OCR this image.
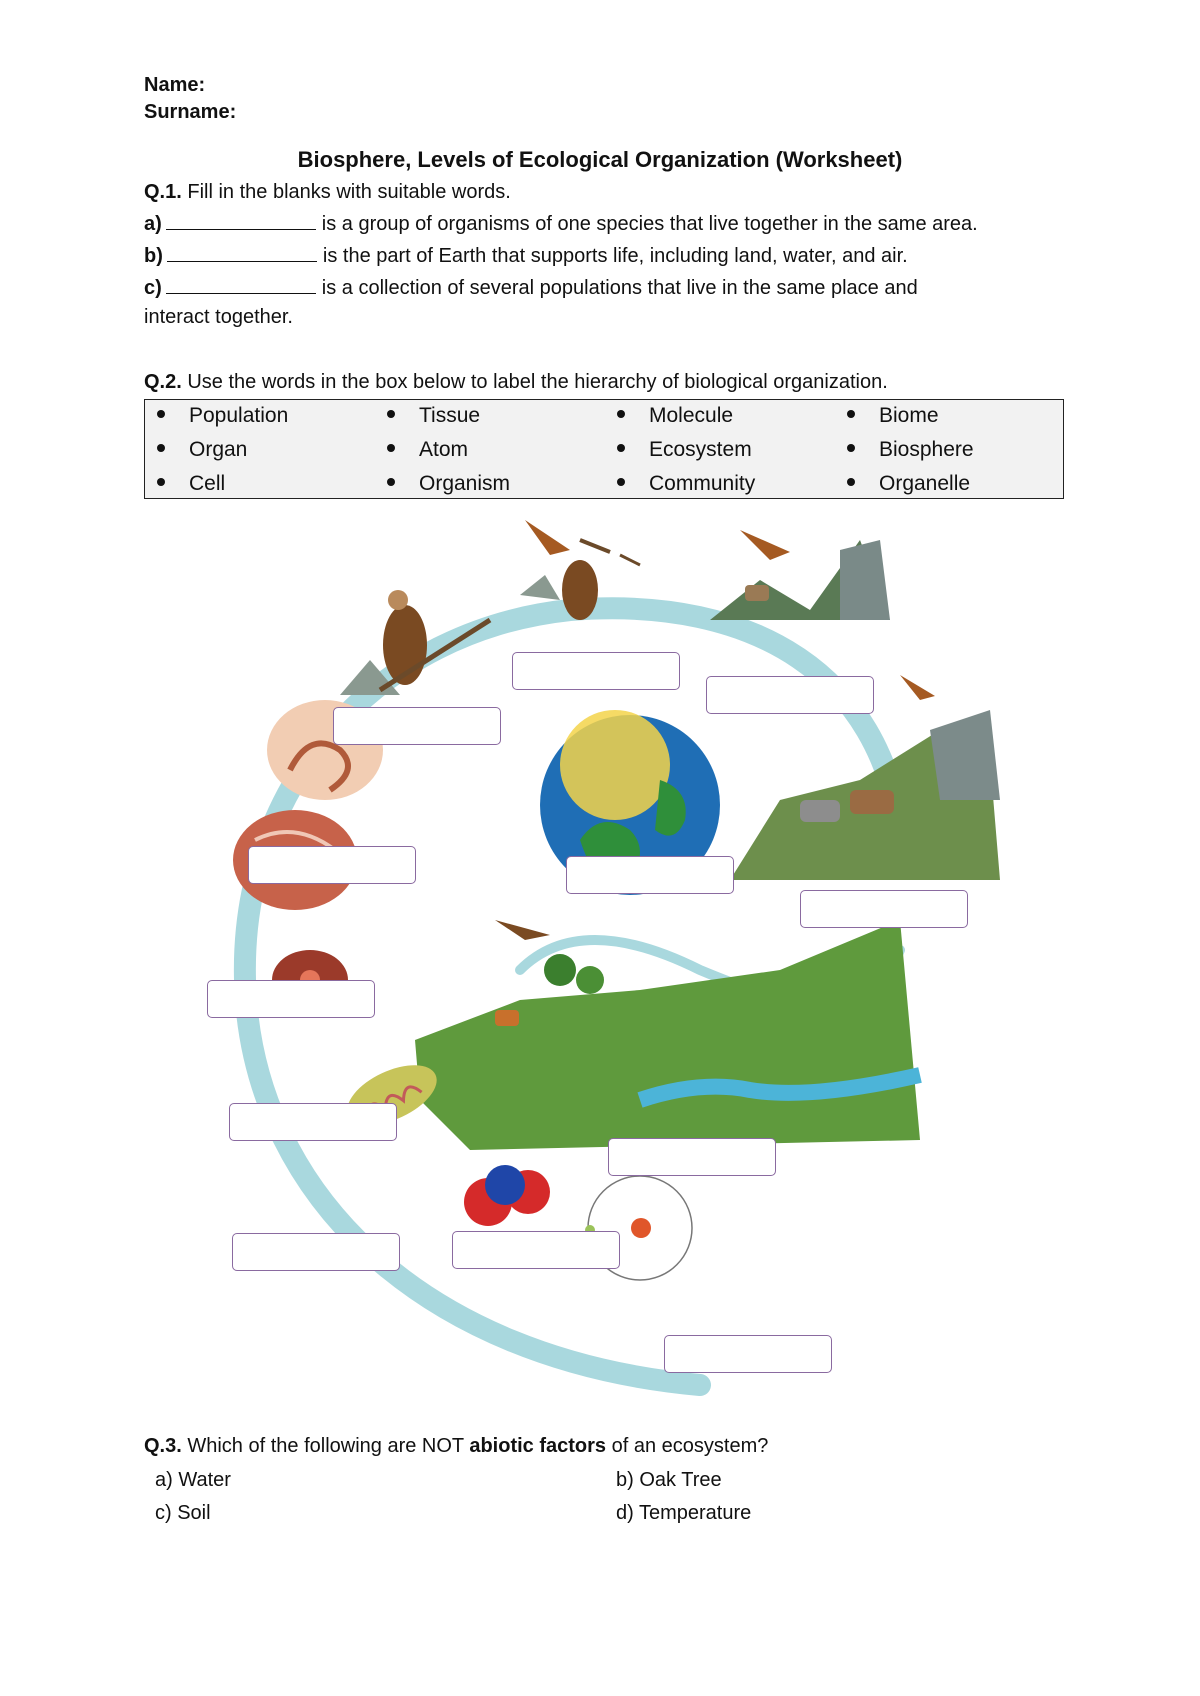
Name:
Surname:
Biosphere, Levels of Ecological Organization (Worksheet)
Q.1. Fill in the blanks with suitable words.
a)	is a group of organisms of one species that live together in the same area.
b)	is the part of Earth that supports life, including land, water, and air.
c)	is a collection of several populations that live in the same place and
interact together.
Q.2. Use the words in the box below to label the hierarchy of biological organization.
Population	Tissue	Molecule	Biome
Organ	Atom	Ecosystem	Biosphere
Cell	Organism	Community	Organelle
Q.3. Which of the following are NOT abiotic factors of an ecosystem?
a) Water	b) Oak Tree
c) Soil	d) Temperature
